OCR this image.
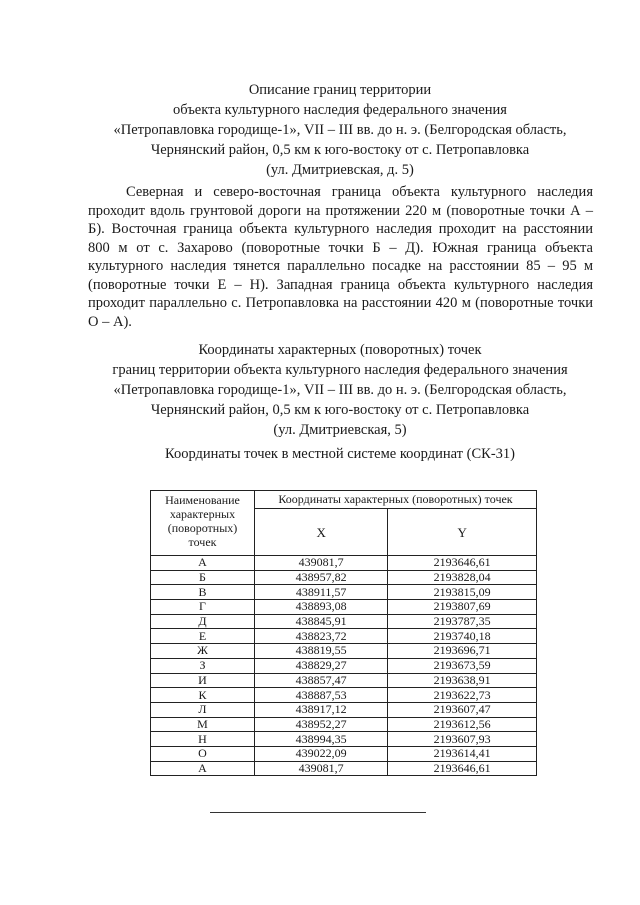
Описание границ территории
объекта культурного наследия федерального значения
«Петропавловка городище-1», VII – III вв. до н. э. (Белгородская область,
Чернянский район, 0,5 км к юго-востоку от с. Петропавловка
(ул. Дмитриевская, д. 5)
Северная и северо-восточная граница объекта культурного наследия проходит вдоль грунтовой дороги на протяжении 220 м (поворотные точки А – Б). Восточная граница объекта культурного наследия проходит на расстоянии 800 м от с. Захарово (поворотные точки Б – Д). Южная граница объекта культурного наследия тянется параллельно посадке на расстоянии 85 – 95 м (поворотные точки Е – Н). Западная граница объекта культурного наследия проходит параллельно с. Петропавловка на расстоянии 420 м (поворотные точки О – А).
Координаты характерных (поворотных) точек
границ территории объекта культурного наследия федерального значения
«Петропавловка городище-1», VII – III вв. до н. э. (Белгородская область,
Чернянский район, 0,5 км к юго-востоку от с. Петропавловка
(ул. Дмитриевская, 5)
Координаты точек в местной системе координат (СК-31)
Наименование
характерных
(поворотных)
точек	Координаты характерных (поворотных) точек	
	X	Y
А	439081,7	2193646,61
Б	438957,82	2193828,04
В	438911,57	2193815,09
Г	438893,08	2193807,69
Д	438845,91	2193787,35
Е	438823,72	2193740,18
Ж	438819,55	2193696,71
З	438829,27	2193673,59
И	438857,47	2193638,91
К	438887,53	2193622,73
Л	438917,12	2193607,47
М	438952,27	2193612,56
Н	438994,35	2193607,93
О	439022,09	2193614,41
А	439081,7	2193646,61
